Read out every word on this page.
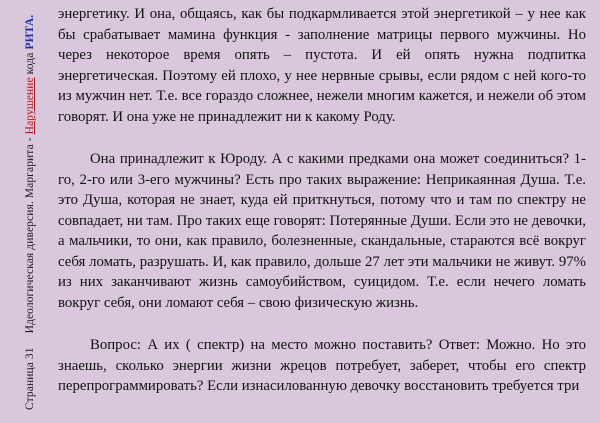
Страница 31Идеологическая диверсия. Маргарита - Нарушение кода РИТА.

энергетику. И она, общаясь, как бы подкармливается этой энергетикой – у нее как бы срабатывает мамина функция - заполнение матрицы первого мужчины. Но через некоторое время опять – пустота. И ей опять нужна подпитка энергетическая. Поэтому ей плохо, у нее нервные срывы, если рядом с ней кого-то из мужчин нет. Т.е. все гораздо сложнее, нежели многим кажется, и нежели об этом говорят. И она уже не принадлежит ни к какому Роду.

Она принадлежит к Юроду. А с какими предками она может соединиться? 1-го, 2-го или 3-его мужчины? Есть про таких выражение: Неприкаянная Душа. Т.е. это Душа, которая не знает, куда ей приткнуться, потому что и там по спектру не совпадает, ни там. Про таких еще говорят: Потерянные Души. Если это не девочки, а мальчики, то они, как правило, болезненные, скандальные, стараются всё вокруг себя ломать, разрушать. И, как правило, дольше 27 лет эти мальчики не живут. 97% из них заканчивают жизнь самоубийством, суицидом. Т.е. если нечего ломать вокруг себя, они ломают себя – свою физическую жизнь.

Вопрос: А их ( спектр) на место можно поставить? Ответ: Можно. Но это знаешь, сколько энергии жизни жрецов потребует, заберет, чтобы его спектр перепрограммировать? Если изнасилованную девочку восстановить требуется три
